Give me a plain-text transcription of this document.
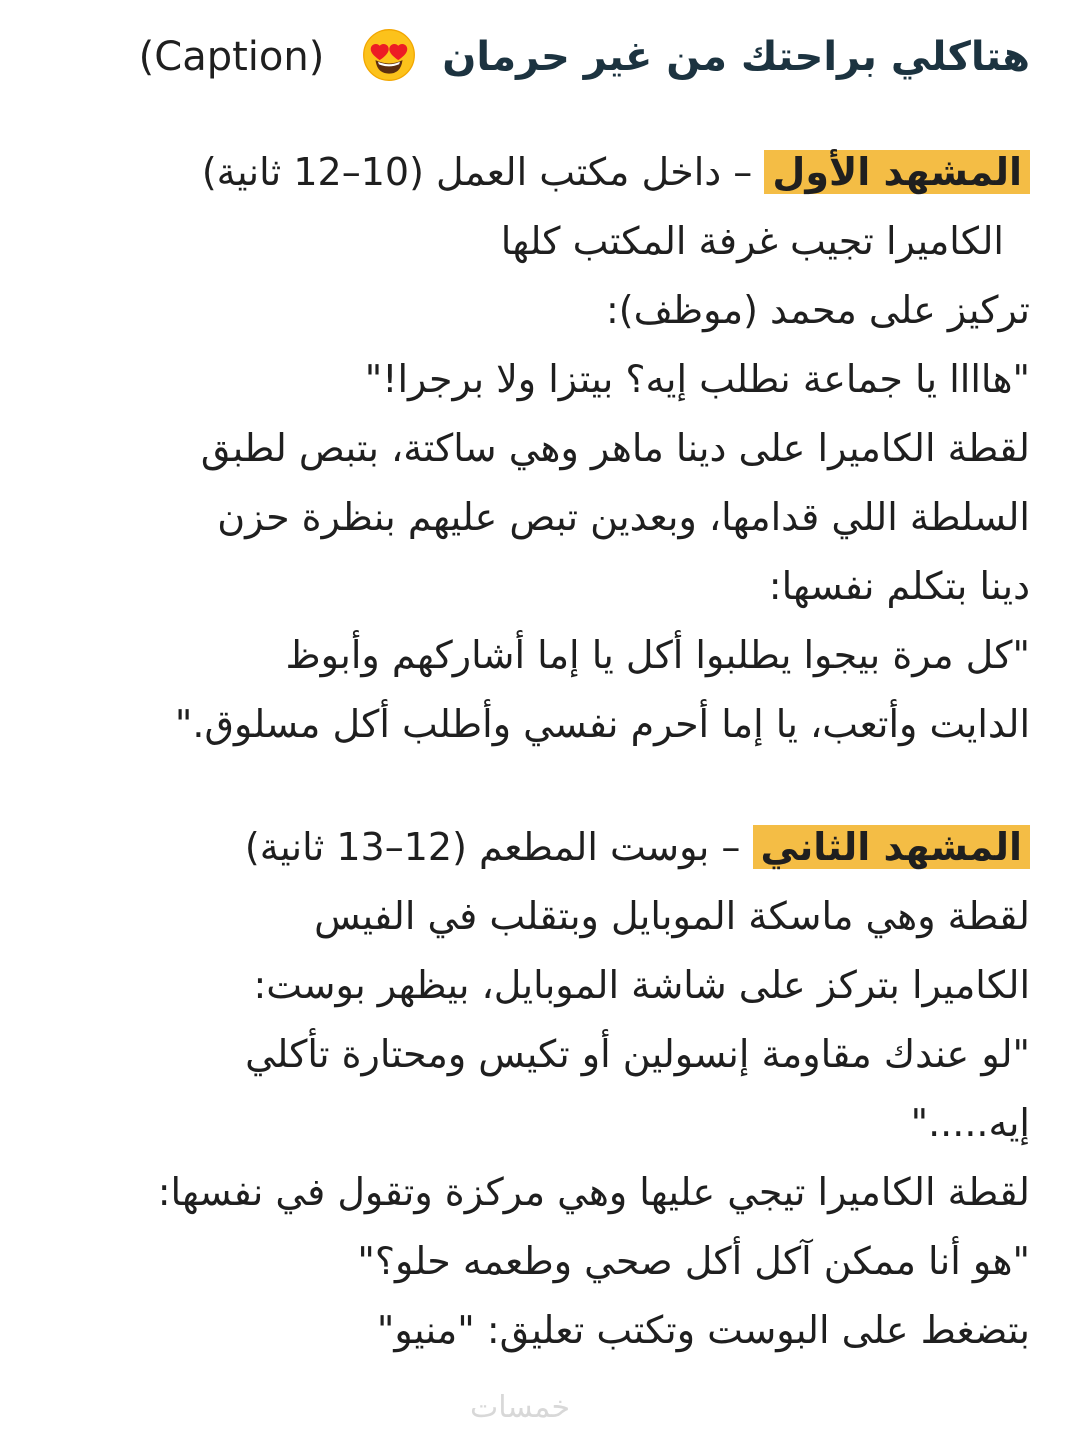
هتاكلي براحتك من غير حرمان  (Caption)
المشهد الأول – داخل مكتب العمل (10–12 ثانية)
الكاميرا تجيب غرفة المكتب كلها
تركيز على محمد (موظف):
"هاااا يا جماعة نطلب إيه؟ بيتزا ولا برجرا!"
لقطة الكاميرا على دينا ماهر وهي ساكتة، بتبص لطبق
السلطة اللي قدامها، وبعدين تبص عليهم بنظرة حزن
دينا بتكلم نفسها:
"كل مرة بيجوا يطلبوا أكل يا إما أشاركهم وأبوظ
الدايت وأتعب، يا إما أحرم نفسي وأطلب أكل مسلوق."
المشهد الثاني – بوست المطعم (12–13 ثانية)
لقطة وهي ماسكة الموبايل وبتقلب في الفيس
الكاميرا بتركز على شاشة الموبايل، بيظهر بوست:
"لو عندك مقاومة إنسولين أو تكيس ومحتارة تأكلي
إيه....."
لقطة الكاميرا تيجي عليها وهي مركزة وتقول في نفسها:
"هو أنا ممكن آكل أكل صحي وطعمه حلو؟"
بتضغط على البوست وتكتب تعليق: "منيو"
خمسات
